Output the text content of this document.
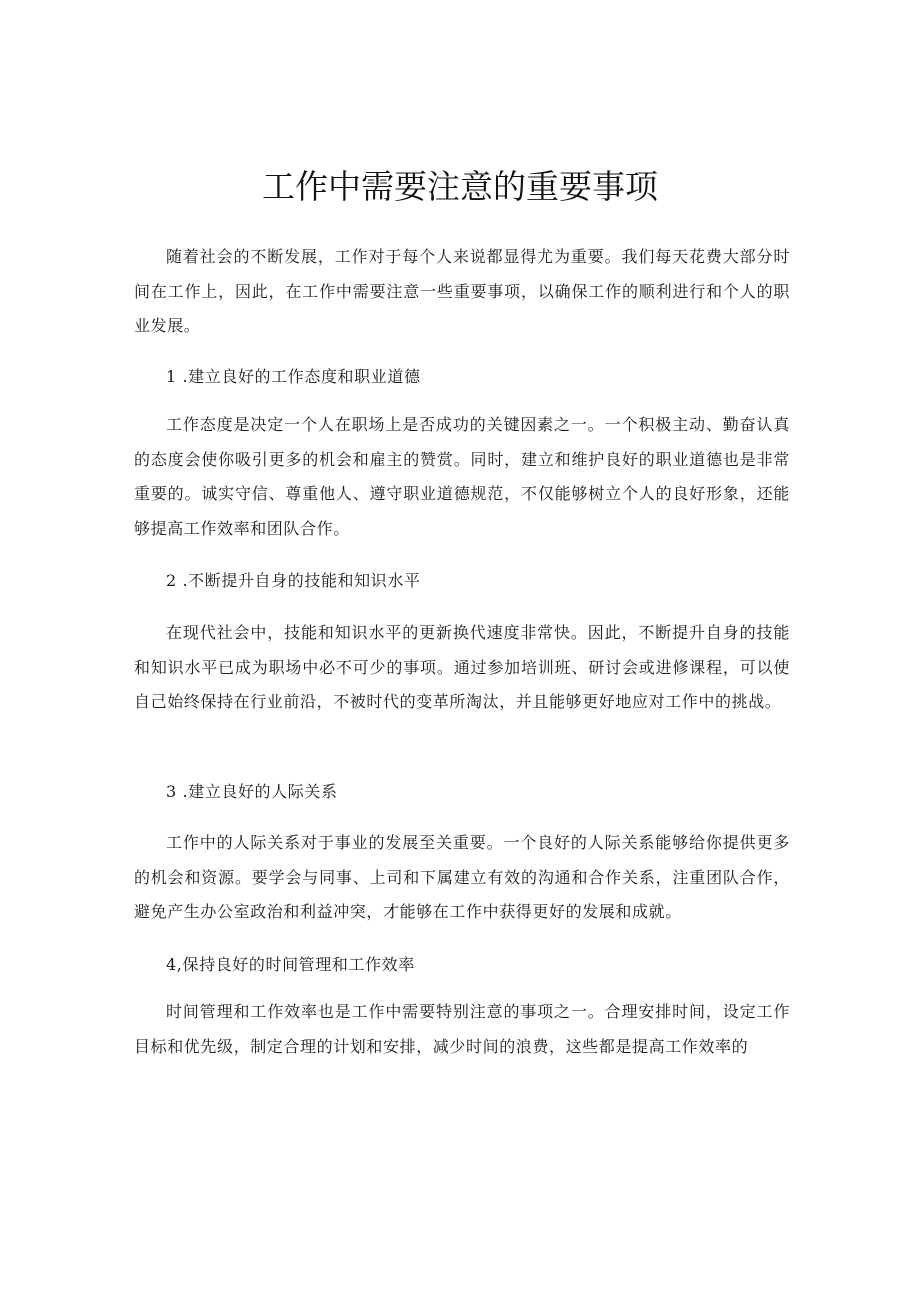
工作中需要注意的重要事项

随着社会的不断发展，工作对于每个人来说都显得尤为重要。我们每天花费大部分时间在工作上，因此，在工作中需要注意一些重要事项，以确保工作的顺利进行和个人的职业发展。

1 .建立良好的工作态度和职业道德

工作态度是决定一个人在职场上是否成功的关键因素之一。一个积极主动、勤奋认真的态度会使你吸引更多的机会和雇主的赞赏。同时，建立和维护良好的职业道德也是非常重要的。诚实守信、尊重他人、遵守职业道德规范，不仅能够树立个人的良好形象，还能够提高工作效率和团队合作。

2 .不断提升自身的技能和知识水平

在现代社会中，技能和知识水平的更新换代速度非常快。因此，不断提升自身的技能和知识水平已成为职场中必不可少的事项。通过参加培训班、研讨会或进修课程，可以使自己始终保持在行业前沿，不被时代的变革所淘汰，并且能够更好地应对工作中的挑战。

3 .建立良好的人际关系

工作中的人际关系对于事业的发展至关重要。一个良好的人际关系能够给你提供更多的机会和资源。要学会与同事、上司和下属建立有效的沟通和合作关系，注重团队合作，避免产生办公室政治和利益冲突，才能够在工作中获得更好的发展和成就。

4,保持良好的时间管理和工作效率

时间管理和工作效率也是工作中需要特别注意的事项之一。合理安排时间，设定工作目标和优先级，制定合理的计划和安排，减少时间的浪费，这些都是提高工作效率的
